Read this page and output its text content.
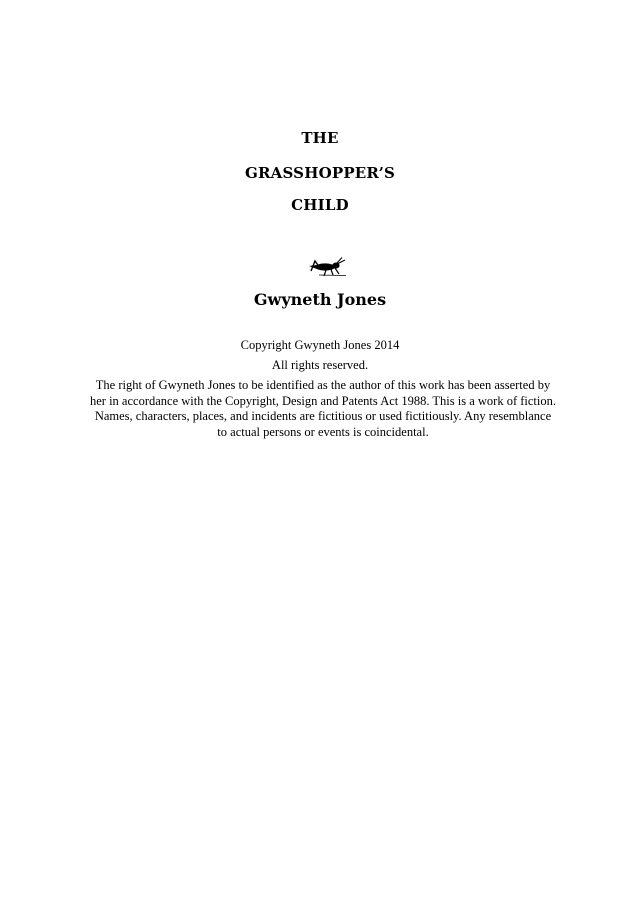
THE
GRASSHOPPER’S
CHILD
Gwyneth Jones
Copyright Gwyneth Jones 2014
All rights reserved.
The right of Gwyneth Jones to be identified as the author of this work has been asserted by
her in accordance with the Copyright, Design and Patents Act 1988. This is a work of fiction.
Names, characters, places, and incidents are fictitious or used fictitiously. Any resemblance
to actual persons or events is coincidental.
